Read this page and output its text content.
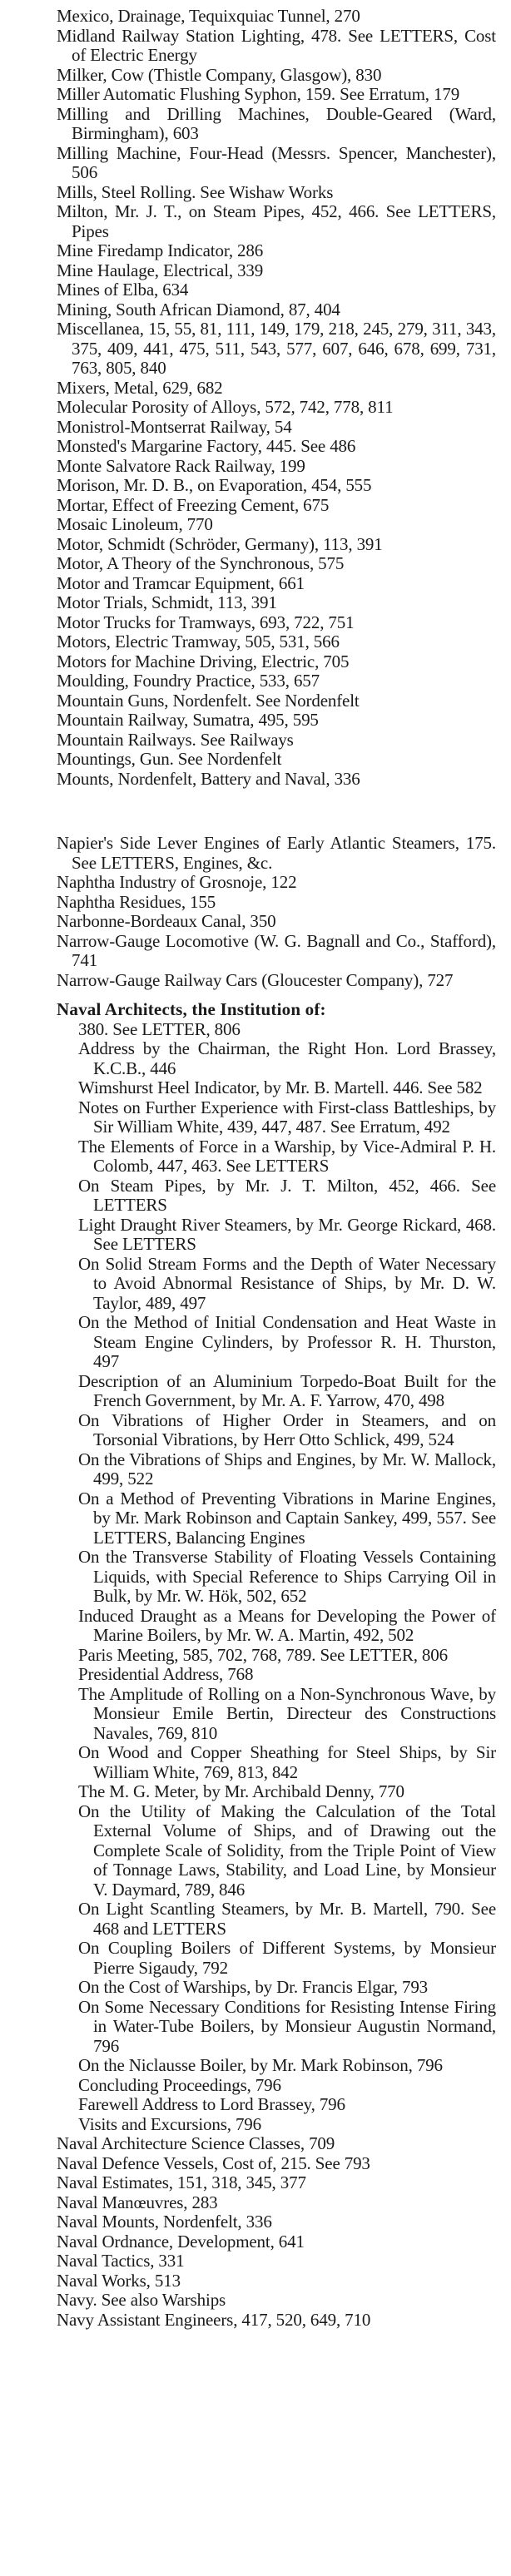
Mexico, Drainage, Tequixquiac Tunnel, 270

Midland Railway Station Lighting, 478. See LETTERS, Cost of Electric Energy

Milker, Cow (Thistle Company, Glasgow), 830

Miller Automatic Flushing Syphon, 159. See Erratum, 179

Milling and Drilling Machines, Double-Geared (Ward, Birmingham), 603

Milling Machine, Four-Head (Messrs. Spencer, Manchester), 506

Mills, Steel Rolling. See Wishaw Works

Milton, Mr. J. T., on Steam Pipes, 452, 466. See LETTERS, Pipes

Mine Firedamp Indicator, 286

Mine Haulage, Electrical, 339

Mines of Elba, 634

Mining, South African Diamond, 87, 404

Miscellanea, 15, 55, 81, 111, 149, 179, 218, 245, 279, 311, 343, 375, 409, 441, 475, 511, 543, 577, 607, 646, 678, 699, 731, 763, 805, 840

Mixers, Metal, 629, 682

Molecular Porosity of Alloys, 572, 742, 778, 811

Monistrol-Montserrat Railway, 54

Monsted's Margarine Factory, 445. See 486

Monte Salvatore Rack Railway, 199

Morison, Mr. D. B., on Evaporation, 454, 555

Mortar, Effect of Freezing Cement, 675

Mosaic Linoleum, 770

Motor, Schmidt (Schröder, Germany), 113, 391

Motor, A Theory of the Synchronous, 575

Motor and Tramcar Equipment, 661

Motor Trials, Schmidt, 113, 391

Motor Trucks for Tramways, 693, 722, 751

Motors, Electric Tramway, 505, 531, 566

Motors for Machine Driving, Electric, 705

Moulding, Foundry Practice, 533, 657

Mountain Guns, Nordenfelt. See Nordenfelt

Mountain Railway, Sumatra, 495, 595

Mountain Railways. See Railways

Mountings, Gun. See Nordenfelt

Mounts, Nordenfelt, Battery and Naval, 336

Napier's Side Lever Engines of Early Atlantic Steamers, 175. See LETTERS, Engines, &c.

Naphtha Industry of Grosnoje, 122

Naphtha Residues, 155

Narbonne-Bordeaux Canal, 350

Narrow-Gauge Locomotive (W. G. Bagnall and Co., Stafford), 741

Narrow-Gauge Railway Cars (Gloucester Company), 727

Naval Architects, the Institution of:

380. See LETTER, 806

Address by the Chairman, the Right Hon. Lord Brassey, K.C.B., 446

Wimshurst Heel Indicator, by Mr. B. Martell. 446. See 582

Notes on Further Experience with First-class Battleships, by Sir William White, 439, 447, 487. See Erratum, 492

The Elements of Force in a Warship, by Vice-Admiral P. H. Colomb, 447, 463. See LETTERS

On Steam Pipes, by Mr. J. T. Milton, 452, 466. See LETTERS

Light Draught River Steamers, by Mr. George Rickard, 468. See LETTERS

On Solid Stream Forms and the Depth of Water Necessary to Avoid Abnormal Resistance of Ships, by Mr. D. W. Taylor, 489, 497

On the Method of Initial Condensation and Heat Waste in Steam Engine Cylinders, by Professor R. H. Thurston, 497

Description of an Aluminium Torpedo-Boat Built for the French Government, by Mr. A. F. Yarrow, 470, 498

On Vibrations of Higher Order in Steamers, and on Torsonial Vibrations, by Herr Otto Schlick, 499, 524

On the Vibrations of Ships and Engines, by Mr. W. Mallock, 499, 522

On a Method of Preventing Vibrations in Marine Engines, by Mr. Mark Robinson and Captain Sankey, 499, 557. See LETTERS, Balancing Engines

On the Transverse Stability of Floating Vessels Containing Liquids, with Special Reference to Ships Carrying Oil in Bulk, by Mr. W. Hök, 502, 652

Induced Draught as a Means for Developing the Power of Marine Boilers, by Mr. W. A. Martin, 492, 502

Paris Meeting, 585, 702, 768, 789. See LETTER, 806

Presidential Address, 768

The Amplitude of Rolling on a Non-Synchronous Wave, by Monsieur Emile Bertin, Directeur des Constructions Navales, 769, 810

On Wood and Copper Sheathing for Steel Ships, by Sir William White, 769, 813, 842

The M. G. Meter, by Mr. Archibald Denny, 770

On the Utility of Making the Calculation of the Total External Volume of Ships, and of Drawing out the Complete Scale of Solidity, from the Triple Point of View of Tonnage Laws, Stability, and Load Line, by Monsieur V. Daymard, 789, 846

On Light Scantling Steamers, by Mr. B. Martell, 790. See 468 and LETTERS

On Coupling Boilers of Different Systems, by Monsieur Pierre Sigaudy, 792

On the Cost of Warships, by Dr. Francis Elgar, 793

On Some Necessary Conditions for Resisting Intense Firing in Water-Tube Boilers, by Monsieur Augustin Normand, 796

On the Niclausse Boiler, by Mr. Mark Robinson, 796

Concluding Proceedings, 796

Farewell Address to Lord Brassey, 796

Visits and Excursions, 796

Naval Architecture Science Classes, 709

Naval Defence Vessels, Cost of, 215. See 793

Naval Estimates, 151, 318, 345, 377

Naval Manœuvres, 283

Naval Mounts, Nordenfelt, 336

Naval Ordnance, Development, 641

Naval Tactics, 331

Naval Works, 513

Navy. See also Warships

Navy Assistant Engineers, 417, 520, 649, 710
